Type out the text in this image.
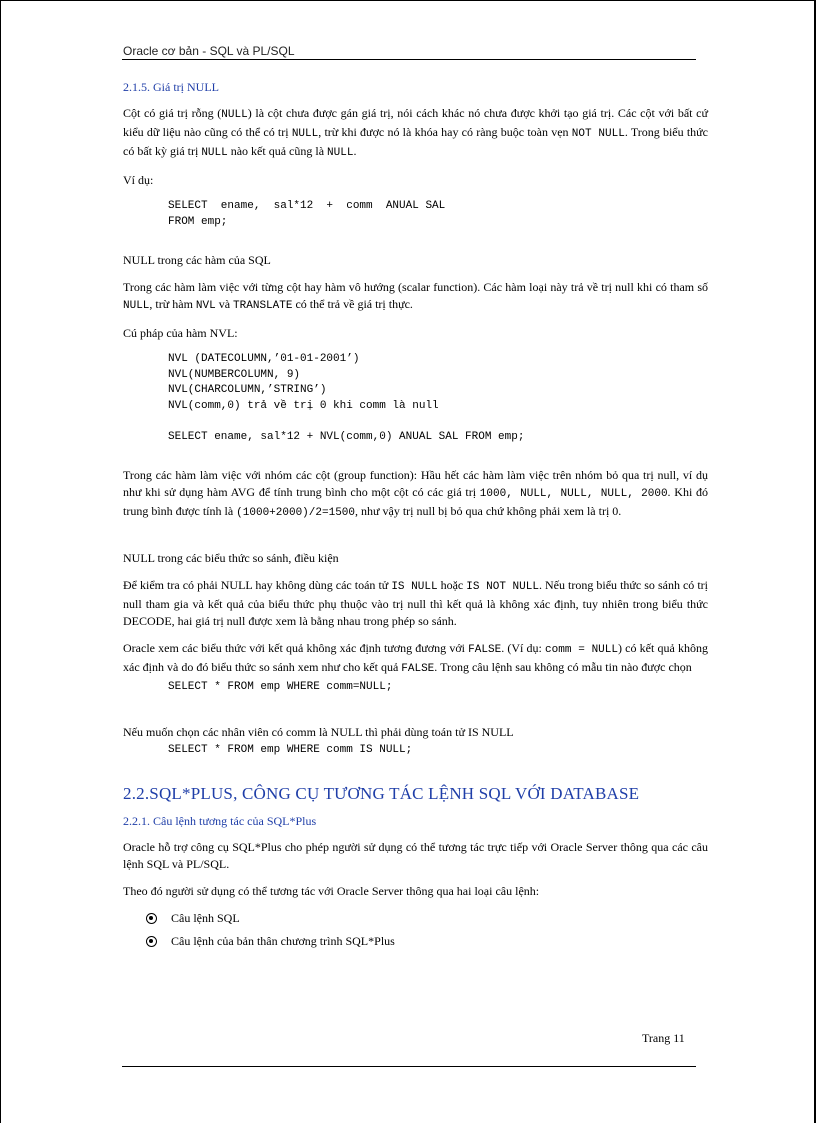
Oracle cơ bản - SQL và PL/SQL
2.1.5. Giá trị NULL

Cột có giá trị rỗng (NULL) là cột chưa được gán giá trị, nói cách khác nó chưa được khởi tạo giá trị. Các cột với bất cứ kiểu dữ liệu nào cũng có thể có trị NULL, trừ khi được nó là khóa hay có ràng buộc toàn vẹn NOT NULL. Trong biểu thức có bất kỳ giá trị NULL nào kết quả cũng là NULL.

Ví dụ:

SELECT  ename,  sal*12  +  comm  ANUAL SAL
FROM emp;

NULL trong các hàm của SQL

Trong các hàm làm việc với từng cột hay hàm vô hướng (scalar function). Các hàm loại này trả về trị null khi có tham số NULL, trừ hàm NVL và TRANSLATE có thể trả về giá trị thực.

Cú pháp của hàm NVL:

NVL (DATECOLUMN,’01-01-2001’)
NVL(NUMBERCOLUMN, 9)
NVL(CHARCOLUMN,’STRING’)
NVL(comm,0) trả về trị 0 khi comm là null

SELECT ename, sal*12 + NVL(comm,0) ANUAL SAL FROM emp;

Trong các hàm làm việc với nhóm các cột (group function): Hầu hết các hàm làm việc trên nhóm bỏ qua trị null, ví dụ như khi sử dụng hàm AVG để tính trung bình cho một cột có các giá trị 1000, NULL, NULL, NULL, 2000. Khi đó trung bình được tính là (1000+2000)/2=1500, như vậy trị null bị bỏ qua chứ không phải xem là trị 0.

NULL trong các biểu thức so sánh, điều kiện

Để kiểm tra có phải NULL hay không dùng các toán tử IS NULL hoặc IS NOT NULL. Nếu trong biểu thức so sánh có trị null tham gia và kết quả của biểu thức phụ thuộc vào trị null thì kết quả là không xác định, tuy nhiên trong biểu thức DECODE, hai giá trị null được xem là bằng nhau trong phép so sánh.

Oracle xem các biểu thức với kết quả không xác định tương đương với FALSE. (Ví dụ: comm = NULL) có kết quả không xác định và do đó biểu thức so sánh xem như cho kết quả FALSE. Trong câu lệnh sau không có mẫu tin nào được chọn

SELECT * FROM emp WHERE comm=NULL;

Nếu muốn chọn các nhân viên có comm là NULL thì phải dùng toán tử IS NULL

SELECT * FROM emp WHERE comm IS NULL;
2.2.SQL*PLUS, CÔNG CỤ TƯƠNG TÁC LỆNH SQL VỚI DATABASE
2.2.1. Câu lệnh tương tác của SQL*Plus

Oracle hỗ trợ công cụ SQL*Plus cho phép người sử dụng có thể tương tác trực tiếp với Oracle Server thông qua các câu lệnh SQL và PL/SQL.

Theo đó người sử dụng có thể tương tác với Oracle Server thông qua hai loại câu lệnh:

Câu lệnh SQL
Câu lệnh của bản thân chương trình SQL*Plus
Trang 11
